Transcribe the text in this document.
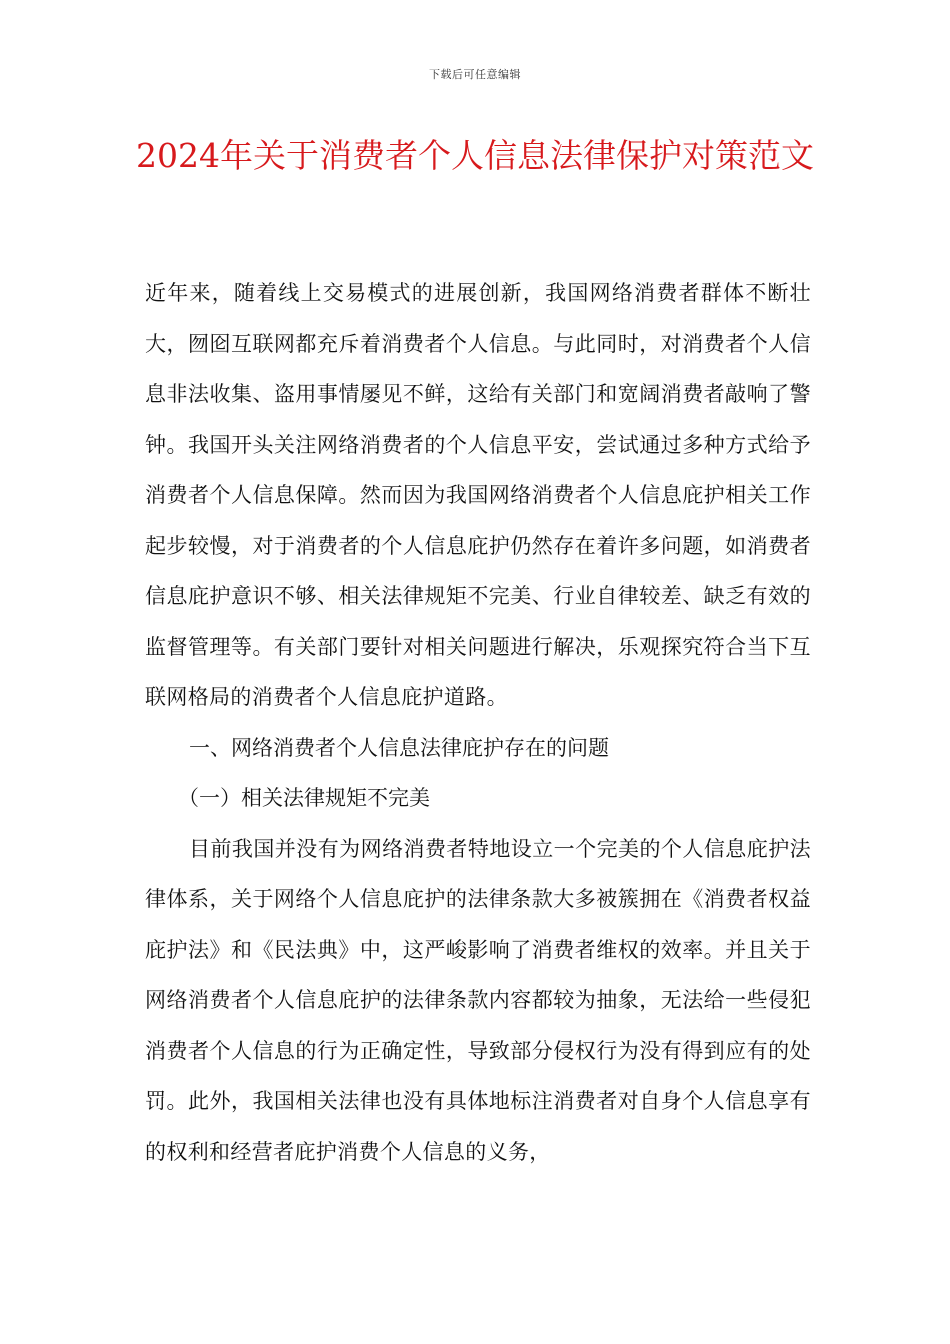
下载后可任意编辑
2024年关于消费者个人信息法律保护对策范文

近年来，随着线上交易模式的进展创新，我国网络消费者群体不断壮大，囫囵互联网都充斥着消费者个人信息。与此同时，对消费者个人信息非法收集、盗用事情屡见不鲜，这给有关部门和宽阔消费者敲响了警钟。我国开头关注网络消费者的个人信息平安，尝试通过多种方式给予消费者个人信息保障。然而因为我国网络消费者个人信息庇护相关工作起步较慢，对于消费者的个人信息庇护仍然存在着许多问题，如消费者信息庇护意识不够、相关法律规矩不完美、行业自律较差、缺乏有效的监督管理等。有关部门要针对相关问题进行解决，乐观探究符合当下互联网格局的消费者个人信息庇护道路。

一、网络消费者个人信息法律庇护存在的问题

（一）相关法律规矩不完美

目前我国并没有为网络消费者特地设立一个完美的个人信息庇护法律体系，关于网络个人信息庇护的法律条款大多被簇拥在《消费者权益庇护法》和《民法典》中，这严峻影响了消费者维权的效率。并且关于网络消费者个人信息庇护的法律条款内容都较为抽象，无法给一些侵犯消费者个人信息的行为正确定性，导致部分侵权行为没有得到应有的处罚。此外，我国相关法律也没有具体地标注消费者对自身个人信息享有的权利和经营者庇护消费个人信息的义务，
